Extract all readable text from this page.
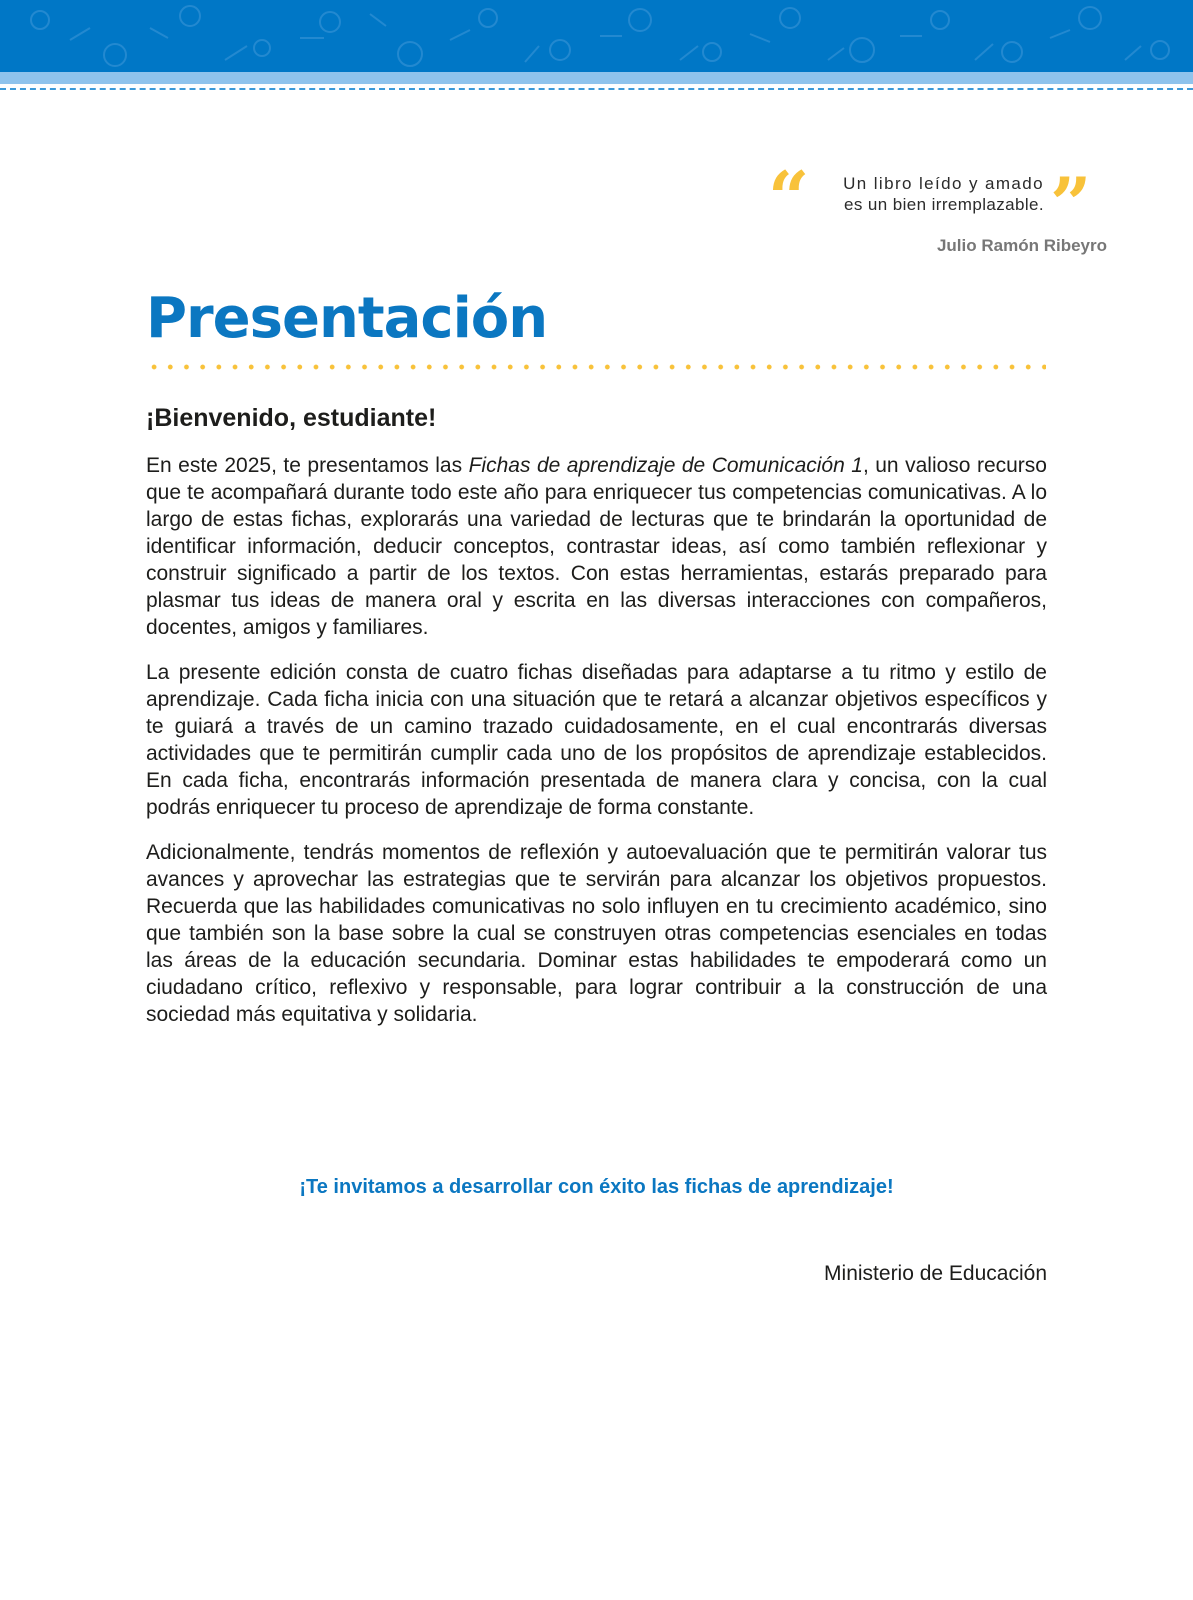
“	Un libro leído y amado
es un bien irremplazable. ”
Julio Ramón Ribeyro
Presentación
¡Bienvenido, estudiante!

En este 2025, te presentamos las Fichas de aprendizaje de Comunicación 1, un valioso recurso que te acompañará durante todo este año para enriquecer tus competencias comunicativas. A lo largo de estas fichas, explorarás una variedad de lecturas que te brindarán la oportunidad de identificar información, deducir conceptos, contrastar ideas, así como también reflexionar y construir significado a partir de los textos. Con estas herramientas, estarás preparado para plasmar tus ideas de manera oral y escrita en las diversas interacciones con compañeros, docentes, amigos y familiares.

La presente edición consta de cuatro fichas diseñadas para adaptarse a tu ritmo y estilo de aprendizaje. Cada ficha inicia con una situación que te retará a alcanzar objetivos específicos y te guiará a través de un camino trazado cuidadosamente, en el cual encontrarás diversas actividades que te permitirán cumplir cada uno de los propósitos de aprendizaje establecidos. En cada ficha, encontrarás información presentada de manera clara y concisa, con la cual podrás enriquecer tu proceso de aprendizaje de forma constante.

Adicionalmente, tendrás momentos de reflexión y autoevaluación que te permitirán valorar tus avances y aprovechar las estrategias que te servirán para alcanzar los objetivos propuestos. Recuerda que las habilidades comunicativas no solo influyen en tu crecimiento académico, sino que también son la base sobre la cual se construyen otras competencias esenciales en todas las áreas de la educación secundaria. Dominar estas habilidades te empoderará como un ciudadano crítico, reflexivo y responsable, para lograr contribuir a la construcción de una sociedad más equitativa y solidaria.

¡Te invitamos a desarrollar con éxito las fichas de aprendizaje!

Ministerio de Educación
